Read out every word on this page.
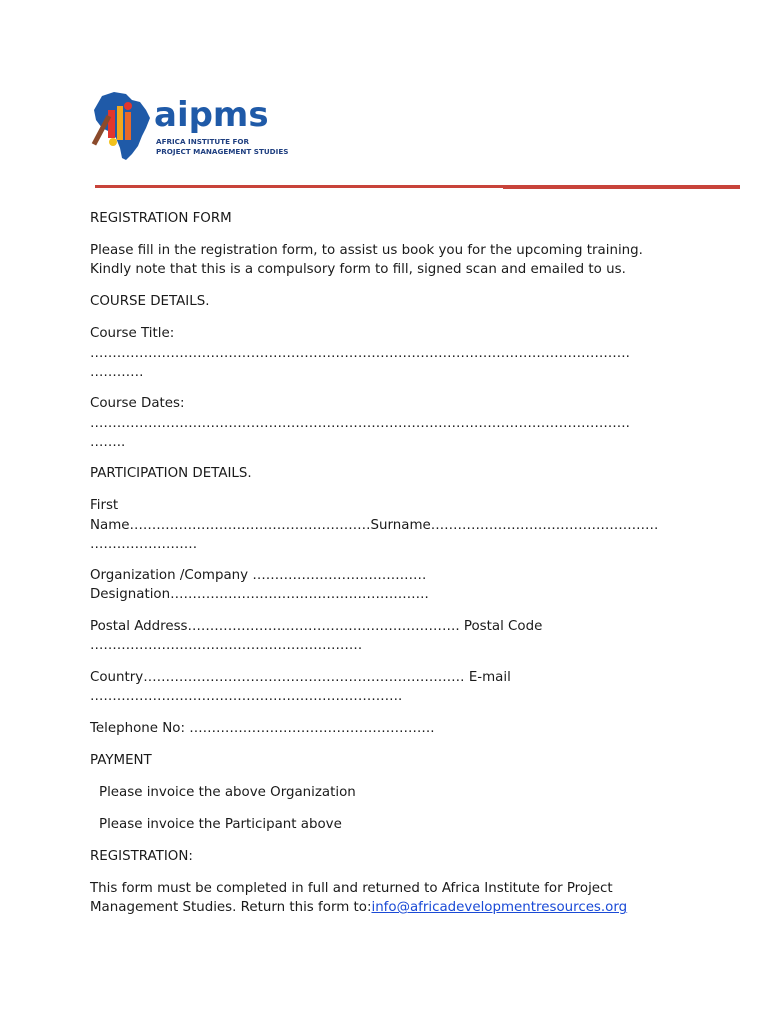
aipms
AFRICA INSTITUTE FOR
PROJECT MANAGEMENT STUDIES
REGISTRATION FORM
Please fill in the registration form, to assist us book you for the upcoming training.
Kindly note that this is a compulsory form to fill, signed scan and emailed to us.
COURSE DETAILS.
Course Title:
………………………………………………………………………………………………………….
…………
Course Dates:
………………………………………………………………………………………………………….
……..
PARTICIPATION DETAILS.
First
Name………………………………………………Surname……………………………………………
……………………
Organization /Company …………………………………
Designation………………………………………………….
Postal Address……………………………………………………. Postal Code
…………………………………………………….
Country……………………………………………………………… E-mail
…………………………………………………………….
Telephone No: ……………………………………………….
PAYMENT
Please invoice the above Organization
Please invoice the Participant above
REGISTRATION:
This form must be completed in full and returned to Africa Institute for Project
Management Studies. Return this form to:info@africadevelopmentresources.org
